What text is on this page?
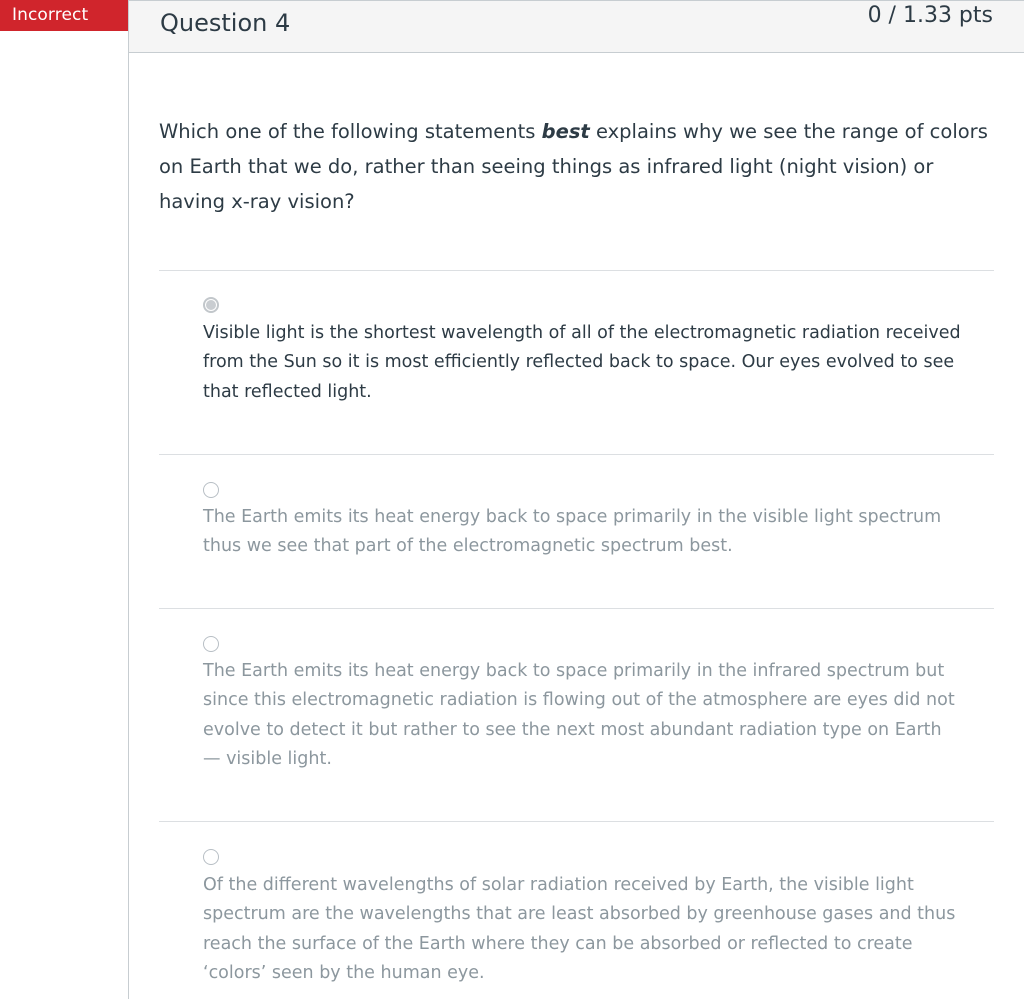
Incorrect	Question 4	0 / 1.33 pts
Which one of the following statements best explains why we see the range of colors on Earth that we do, rather than seeing things as infrared light (night vision) or having x-ray vision?
Visible light is the shortest wavelength of all of the electromagnetic radiation received from the Sun so it is most efficiently reflected back to space. Our eyes evolved to see that reflected light.
The Earth emits its heat energy back to space primarily in the visible light spectrum thus we see that part of the electromagnetic spectrum best.
The Earth emits its heat energy back to space primarily in the infrared spectrum but since this electromagnetic radiation is flowing out of the atmosphere are eyes did not evolve to detect it but rather to see the next most abundant radiation type on Earth — visible light.
Of the different wavelengths of solar radiation received by Earth, the visible light spectrum are the wavelengths that are least absorbed by greenhouse gases and thus reach the surface of the Earth where they can be absorbed or reflected to create ‘colors’ seen by the human eye.
